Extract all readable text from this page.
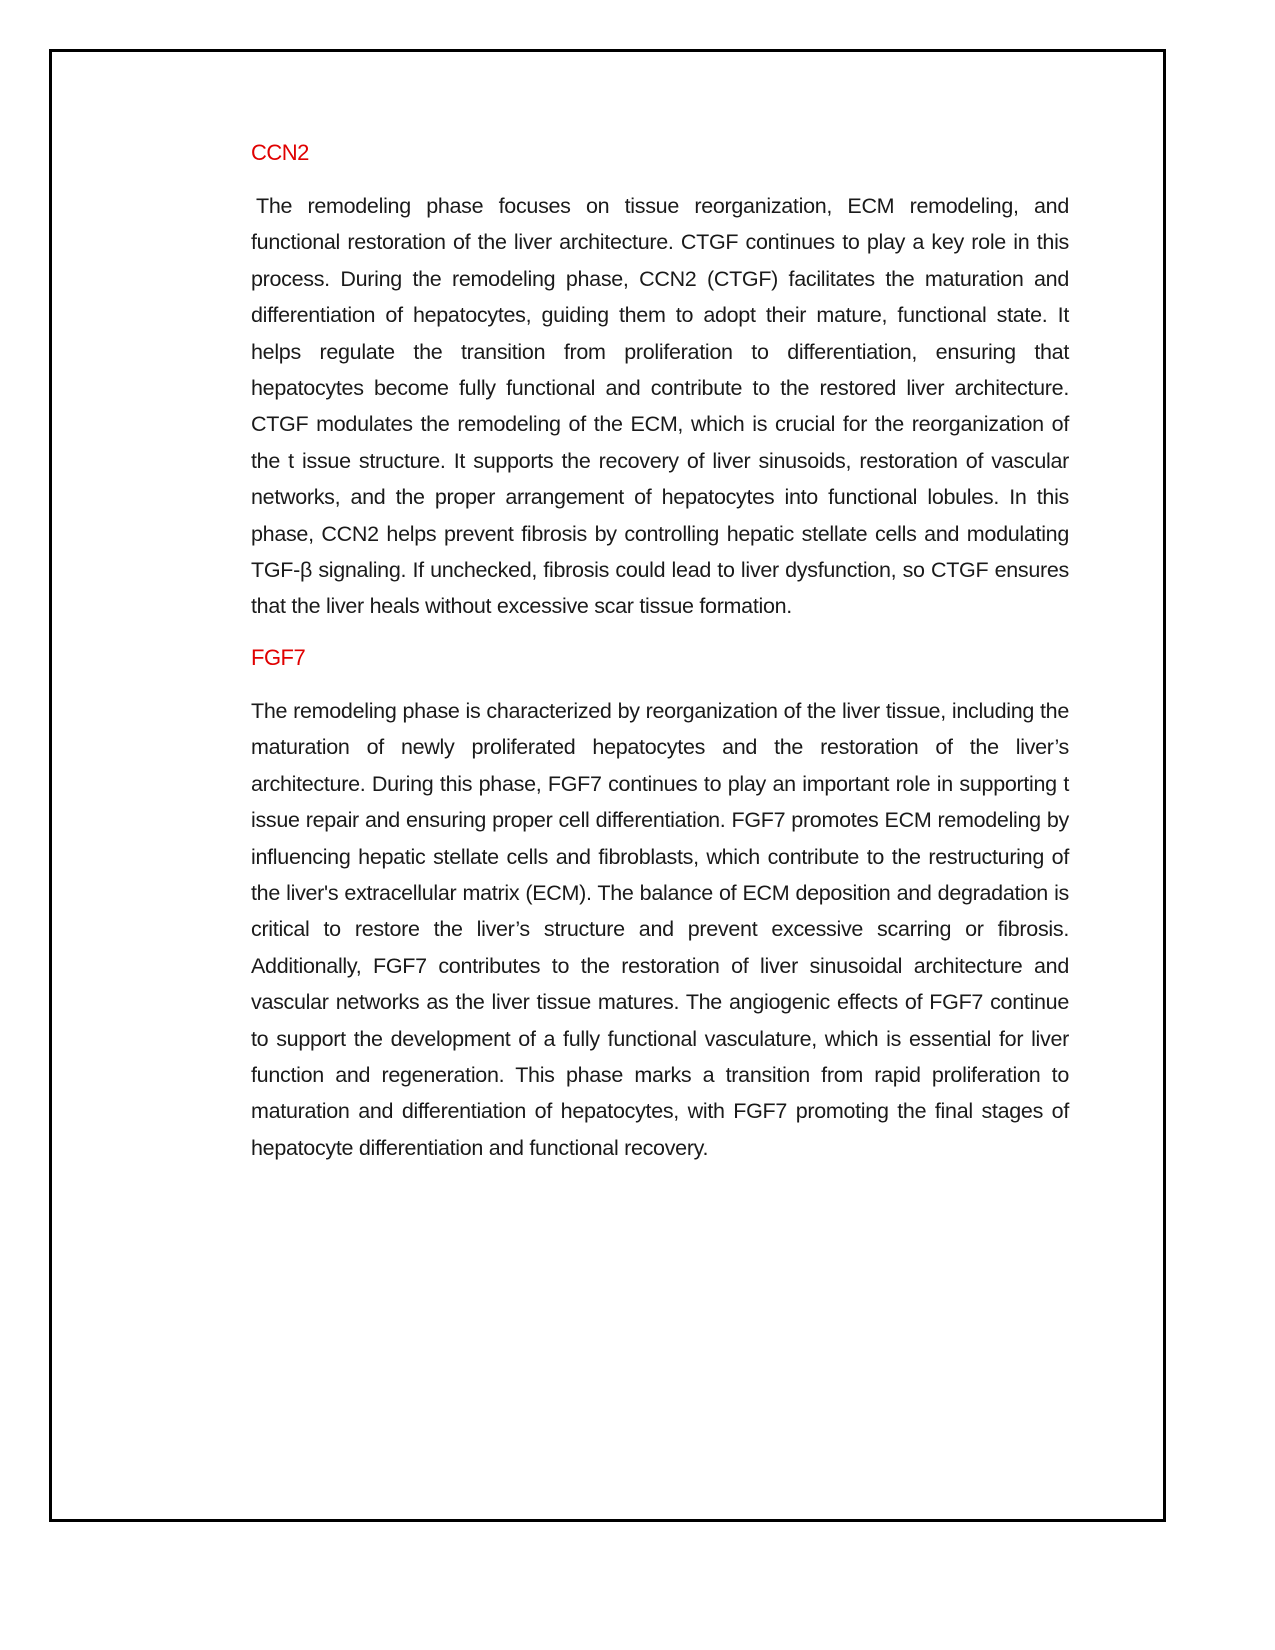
CCN2

The remodeling phase focuses on tissue reorganization, ECM remodeling, and functional restoration of the liver architecture. CTGF continues to play a key role in this process. During the remodeling phase, CCN2 (CTGF) facilitates the maturation and differentiation of hepatocytes, guiding them to adopt their mature, functional state. It helps regulate the transition from proliferation to differentiation, ensuring that hepatocytes become fully functional and contribute to the restored liver architecture. CTGF modulates the remodeling of the ECM, which is crucial for the reorganization of the t issue structure. It supports the recovery of liver sinusoids, restoration of vascular networks, and the proper arrangement of hepatocytes into functional lobules. In this phase, CCN2 helps prevent fibrosis by controlling hepatic stellate cells and modulating TGF-β signaling. If unchecked, fibrosis could lead to liver dysfunction, so CTGF ensures that the liver heals without excessive scar tissue formation.

FGF7

The remodeling phase is characterized by reorganization of the liver tissue, including the maturation of newly proliferated hepatocytes and the restoration of the liver’s architecture. During this phase, FGF7 continues to play an important role in supporting t issue repair and ensuring proper cell differentiation. FGF7 promotes ECM remodeling by influencing hepatic stellate cells and fibroblasts, which contribute to the restructuring of the liver's extracellular matrix (ECM). The balance of ECM deposition and degradation is critical to restore the liver’s structure and prevent excessive scarring or fibrosis. Additionally, FGF7 contributes to the restoration of liver sinusoidal architecture and vascular networks as the liver tissue matures. The angiogenic effects of FGF7 continue to support the development of a fully functional vasculature, which is essential for liver function and regeneration. This phase marks a transition from rapid proliferation to maturation and differentiation of hepatocytes, with FGF7 promoting the final stages of hepatocyte differentiation and functional recovery.
